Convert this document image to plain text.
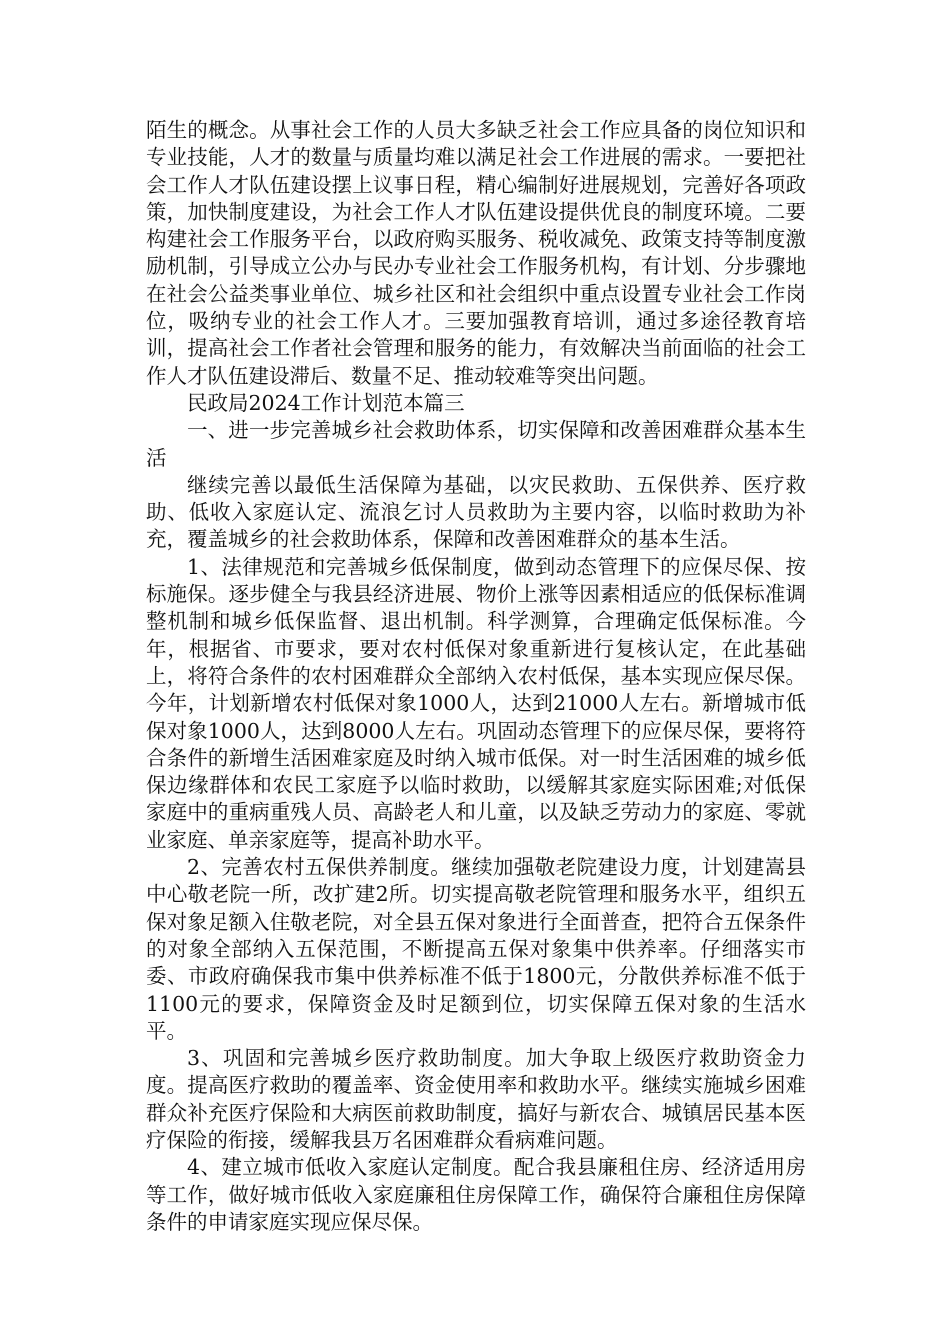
陌生的概念。从事社会工作的人员大多缺乏社会工作应具备的岗位知识和专业技能，人才的数量与质量均难以满足社会工作进展的需求。一要把社会工作人才队伍建设摆上议事日程，精心编制好进展规划，完善好各项政策，加快制度建设，为社会工作人才队伍建设提供优良的制度环境。二要构建社会工作服务平台，以政府购买服务、税收减免、政策支持等制度激励机制，引导成立公办与民办专业社会工作服务机构，有计划、分步骤地在社会公益类事业单位、城乡社区和社会组织中重点设置专业社会工作岗位，吸纳专业的社会工作人才。三要加强教育培训，通过多途径教育培训，提高社会工作者社会管理和服务的能力，有效解决当前面临的社会工作人才队伍建设滞后、数量不足、推动较难等突出问题。

民政局2024工作计划范本篇三

一、进一步完善城乡社会救助体系，切实保障和改善困难群众基本生活

继续完善以最低生活保障为基础，以灾民救助、五保供养、医疗救助、低收入家庭认定、流浪乞讨人员救助为主要内容，以临时救助为补充，覆盖城乡的社会救助体系，保障和改善困难群众的基本生活。

1、法律规范和完善城乡低保制度，做到动态管理下的应保尽保、按标施保。逐步健全与我县经济进展、物价上涨等因素相适应的低保标准调整机制和城乡低保监督、退出机制。科学测算，合理确定低保标准。今年，根据省、市要求，要对农村低保对象重新进行复核认定，在此基础上，将符合条件的农村困难群众全部纳入农村低保，基本实现应保尽保。今年，计划新增农村低保对象1000人，达到21000人左右。新增城市低保对象1000人，达到8000人左右。巩固动态管理下的应保尽保，要将符合条件的新增生活困难家庭及时纳入城市低保。对一时生活困难的城乡低保边缘群体和农民工家庭予以临时救助，以缓解其家庭实际困难;对低保家庭中的重病重残人员、高龄老人和儿童，以及缺乏劳动力的家庭、零就业家庭、单亲家庭等，提高补助水平。

2、完善农村五保供养制度。继续加强敬老院建设力度，计划建嵩县中心敬老院一所，改扩建2所。切实提高敬老院管理和服务水平，组织五保对象足额入住敬老院，对全县五保对象进行全面普查，把符合五保条件的对象全部纳入五保范围，不断提高五保对象集中供养率。仔细落实市委、市政府确保我市集中供养标准不低于1800元，分散供养标准不低于1100元的要求，保障资金及时足额到位，切实保障五保对象的生活水平。

3、巩固和完善城乡医疗救助制度。加大争取上级医疗救助资金力度。提高医疗救助的覆盖率、资金使用率和救助水平。继续实施城乡困难群众补充医疗保险和大病医前救助制度，搞好与新农合、城镇居民基本医疗保险的衔接，缓解我县万名困难群众看病难问题。

4、建立城市低收入家庭认定制度。配合我县廉租住房、经济适用房等工作，做好城市低收入家庭廉租住房保障工作，确保符合廉租住房保障条件的申请家庭实现应保尽保。
